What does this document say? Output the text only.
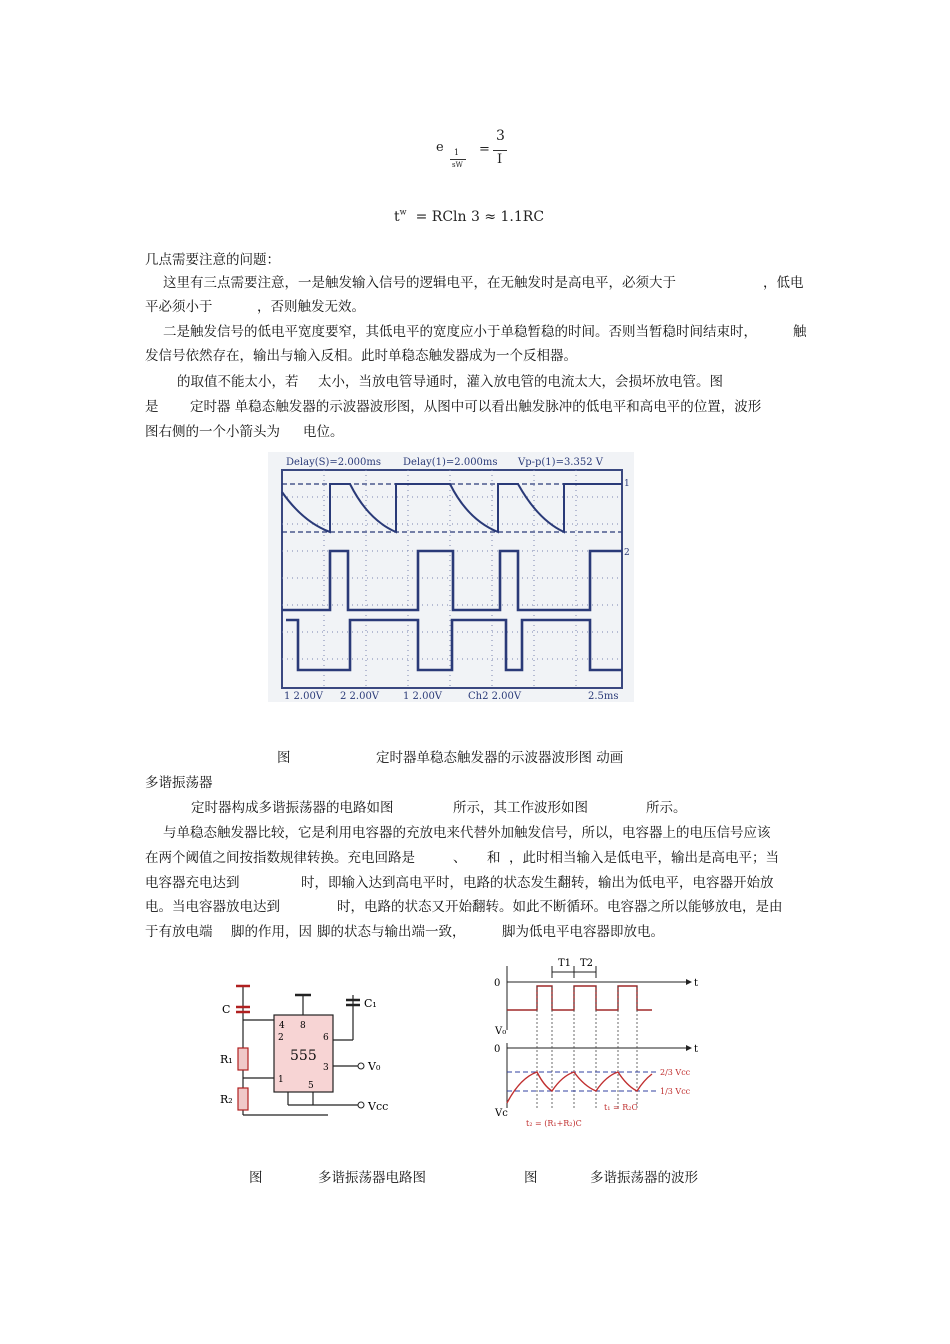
e 1
sW
=
3
I
$t^w = RCln$ 3 ≈ 1.1RC
几点需要注意的问题：
这里有三点需要注意，一是触发输入信号的逻辑电平，在无触发时是高电平，必须大于	，低电
平必须小于	，否则触发无效。
二是触发信号的低电平宽度要窄，其低电平的宽度应小于单稳暂稳的时间。否则当暂稳时间结束时，	触
发信号依然存在，输出与输入反相。此时单稳态触发器成为一个反相器。
的取值不能太小，若 太小，当放电管导通时，灌入放电管的电流太大，会损坏放电管。图
是 定时器 单稳态触发器的示波器波形图，从图中可以看出触发脉冲的低电平和高电平的位置，波形
图右侧的一个小箭头为 电位。
Delay(S)=2.000ms Delay(1)=2.000ms Vp-p(1)=3.352 V
1
2
1 2.00V 2 2.00V 1 2.00V	Ch2 2.00V	2.5ms
图	定时器单稳态触发器的示波器波形图 动画
多谐振荡器
定时器构成多谐振荡器的电路如图	所示，其工作波形如图	所示。
与单稳态触发器比较，它是利用电容器的充放电来代替外加触发信号，所以，电容器上的电压信号应该
在两个阈值之间按指数规律转换。充电回路是	、 和 ，此时相当输入是低电平，输出是高电平；当
电容器充电达到	时，即输入达到高电平时，电路的状态发生翻转，输出为低电平，电容器开始放
电。当电容器放电达到	时，电路的状态又开始翻转。如此不断循环。电容器之所以能够放电，是由
于有放电端 脚的作用，因 脚的状态与输出端一致，	脚为低电平电容器即放电。
555
4 8
2	6
3
1
5
C	C₁
R₁
R₂
V₀
Vcc
0	t
0	t
V₀
Vc
T1 T2
2/3 Vcc
1/3 Vcc
t₁ = R₂C
t₂ = (R₁+R₂)C
图	多谐振荡器电路图	图	多谐振荡器的波形
